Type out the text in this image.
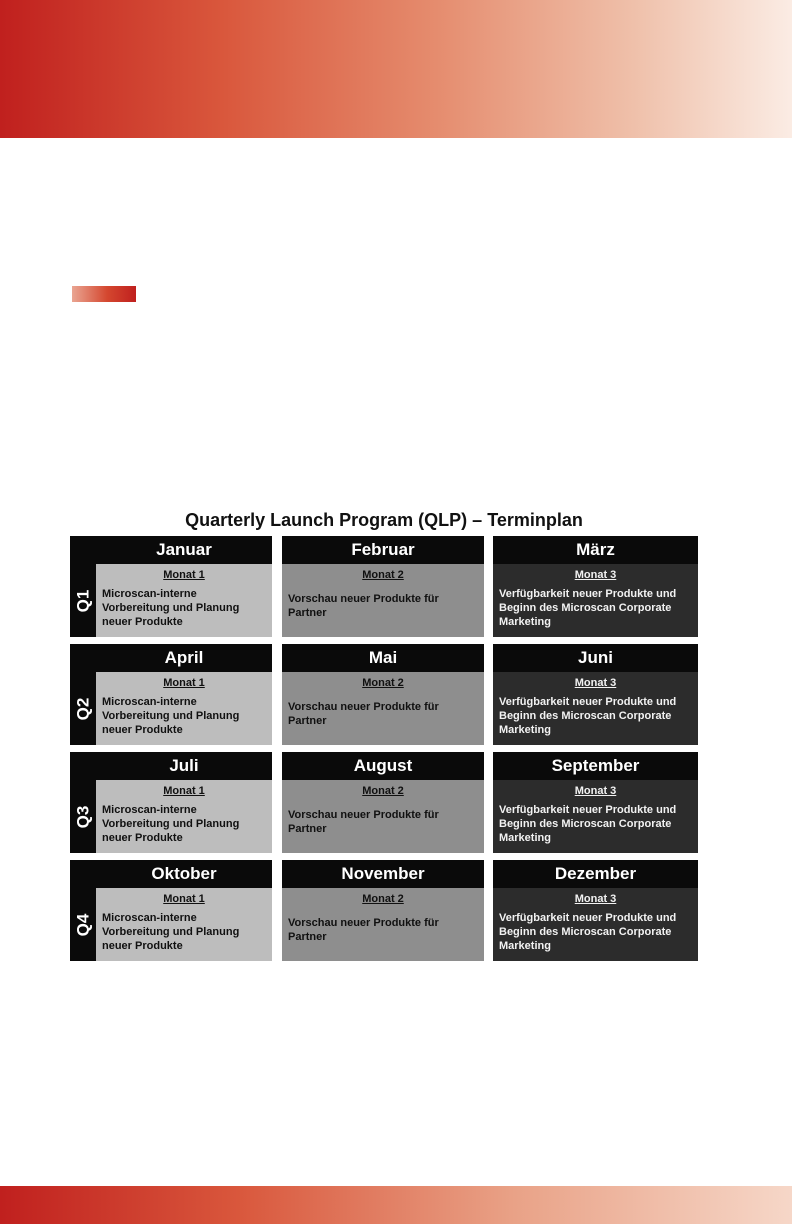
Quarterly Launch Program (QLP) – Terminplan
Q1
Januar
Monat 1
Microscan-interne Vorbereitung und Planung neuer Produkte
Februar
Monat 2
Vorschau neuer Produkte für Partner
März
Monat 3
Verfügbarkeit neuer Produkte und Beginn des Microscan Corporate Marketing
Q2
April
Monat 1
Microscan-interne Vorbereitung und Planung neuer Produkte
Mai
Monat 2
Vorschau neuer Produkte für Partner
Juni
Monat 3
Verfügbarkeit neuer Produkte und Beginn des Microscan Corporate Marketing
Q3
Juli
Monat 1
Microscan-interne Vorbereitung und Planung neuer Produkte
August
Monat 2
Vorschau neuer Produkte für Partner
September
Monat 3
Verfügbarkeit neuer Produkte und Beginn des Microscan Corporate Marketing
Q4
Oktober
Monat 1
Microscan-interne Vorbereitung und Planung neuer Produkte
November
Monat 2
Vorschau neuer Produkte für Partner
Dezember
Monat 3
Verfügbarkeit neuer Produkte und Beginn des Microscan Corporate Marketing
